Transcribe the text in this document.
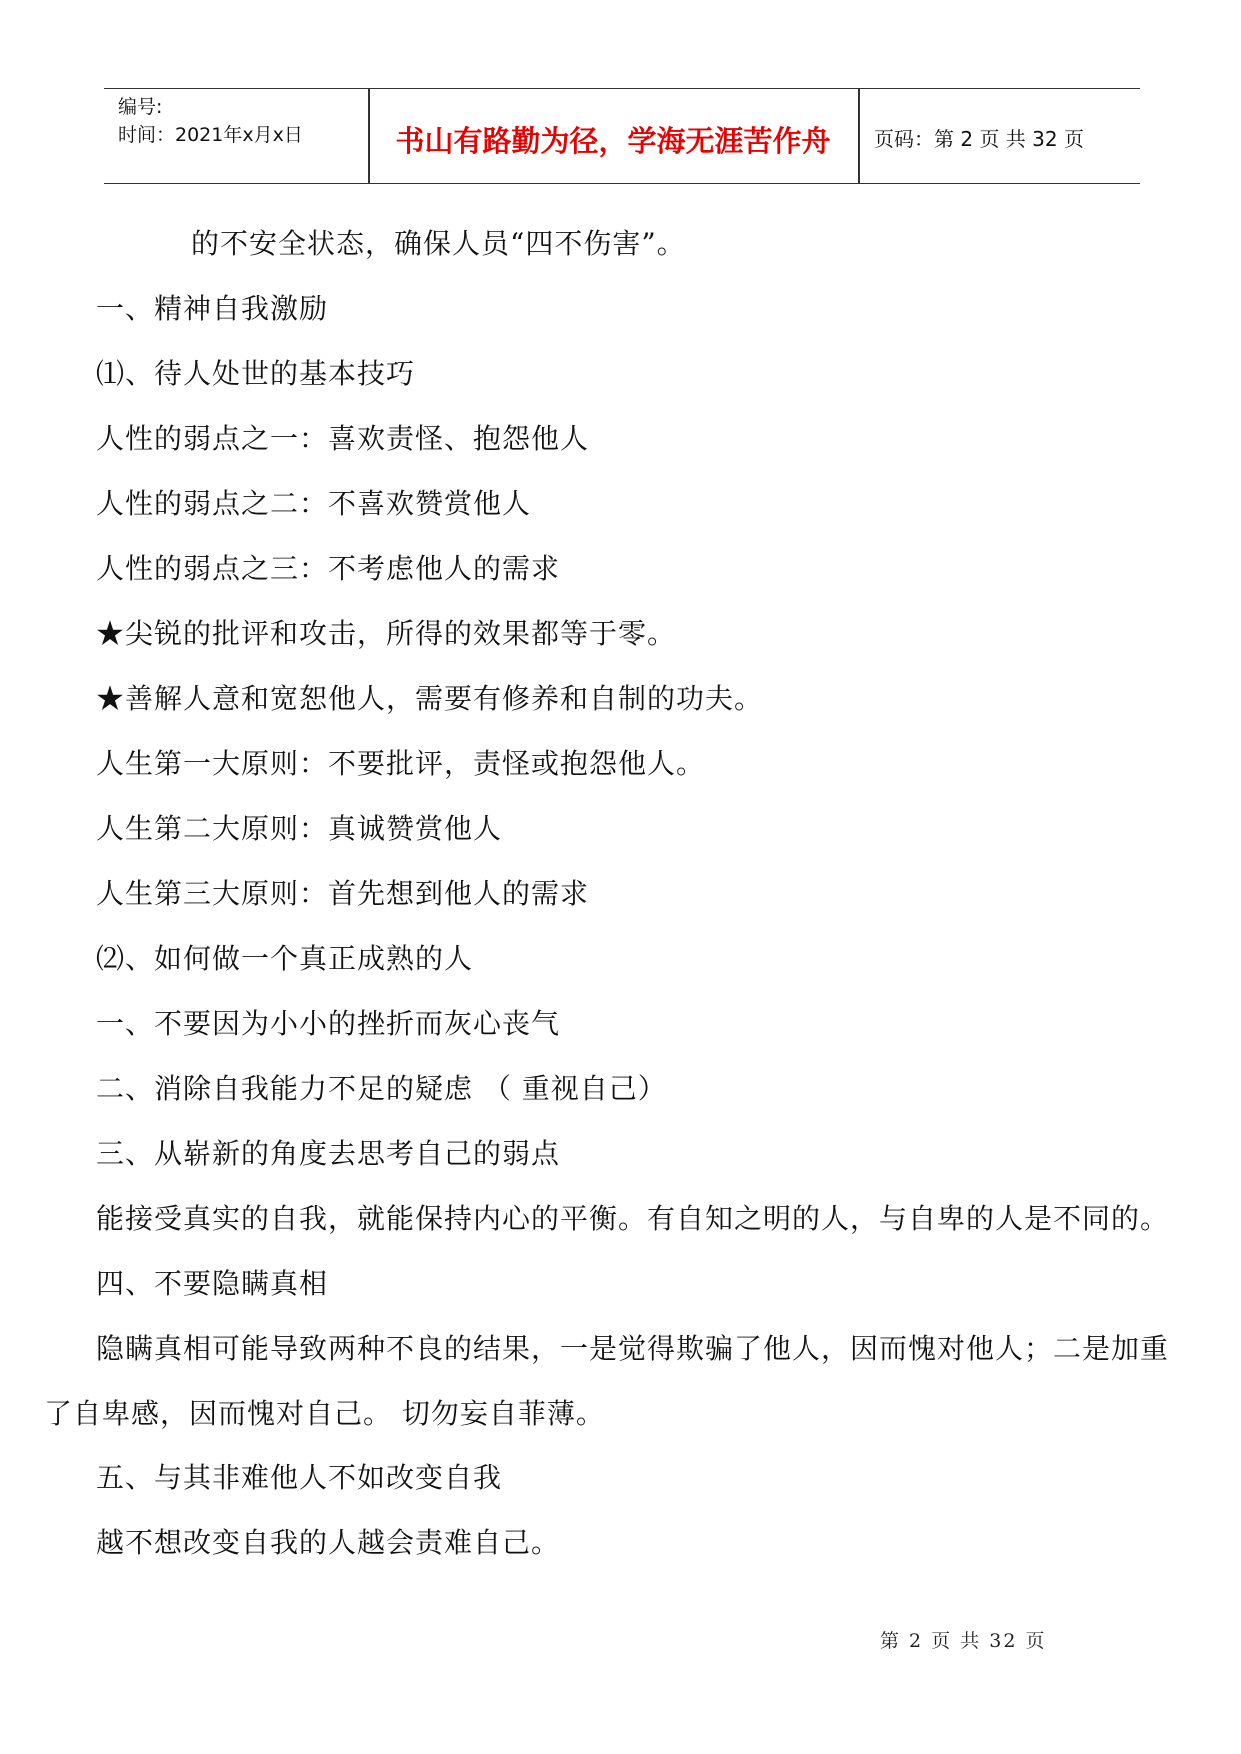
编号:
时间：2021年x月x日	书山有路勤为径，学海无涯苦作舟	页码：第 2 页 共 32 页

的不安全状态，确保人员“四不伤害”。

一、精神自我激励

⑴、待人处世的基本技巧

人性的弱点之一：喜欢责怪、抱怨他人

人性的弱点之二：不喜欢赞赏他人

人性的弱点之三：不考虑他人的需求

★尖锐的批评和攻击，所得的效果都等于零。

★善解人意和宽恕他人，需要有修养和自制的功夫。

人生第一大原则：不要批评，责怪或抱怨他人。

人生第二大原则：真诚赞赏他人

人生第三大原则：首先想到他人的需求

⑵、如何做一个真正成熟的人

一、不要因为小小的挫折而灰心丧气

二、消除自我能力不足的疑虑 （ 重视自己）

三、从崭新的角度去思考自己的弱点

能接受真实的自我，就能保持内心的平衡。有自知之明的人，与自卑的人是不同的。

四、不要隐瞒真相

隐瞒真相可能导致两种不良的结果，一是觉得欺骗了他人，因而愧对他人；二是加重了自卑感，因而愧对自己。 切勿妄自菲薄。

五、与其非难他人不如改变自我

越不想改变自我的人越会责难自己。

第 2 页 共 32 页
